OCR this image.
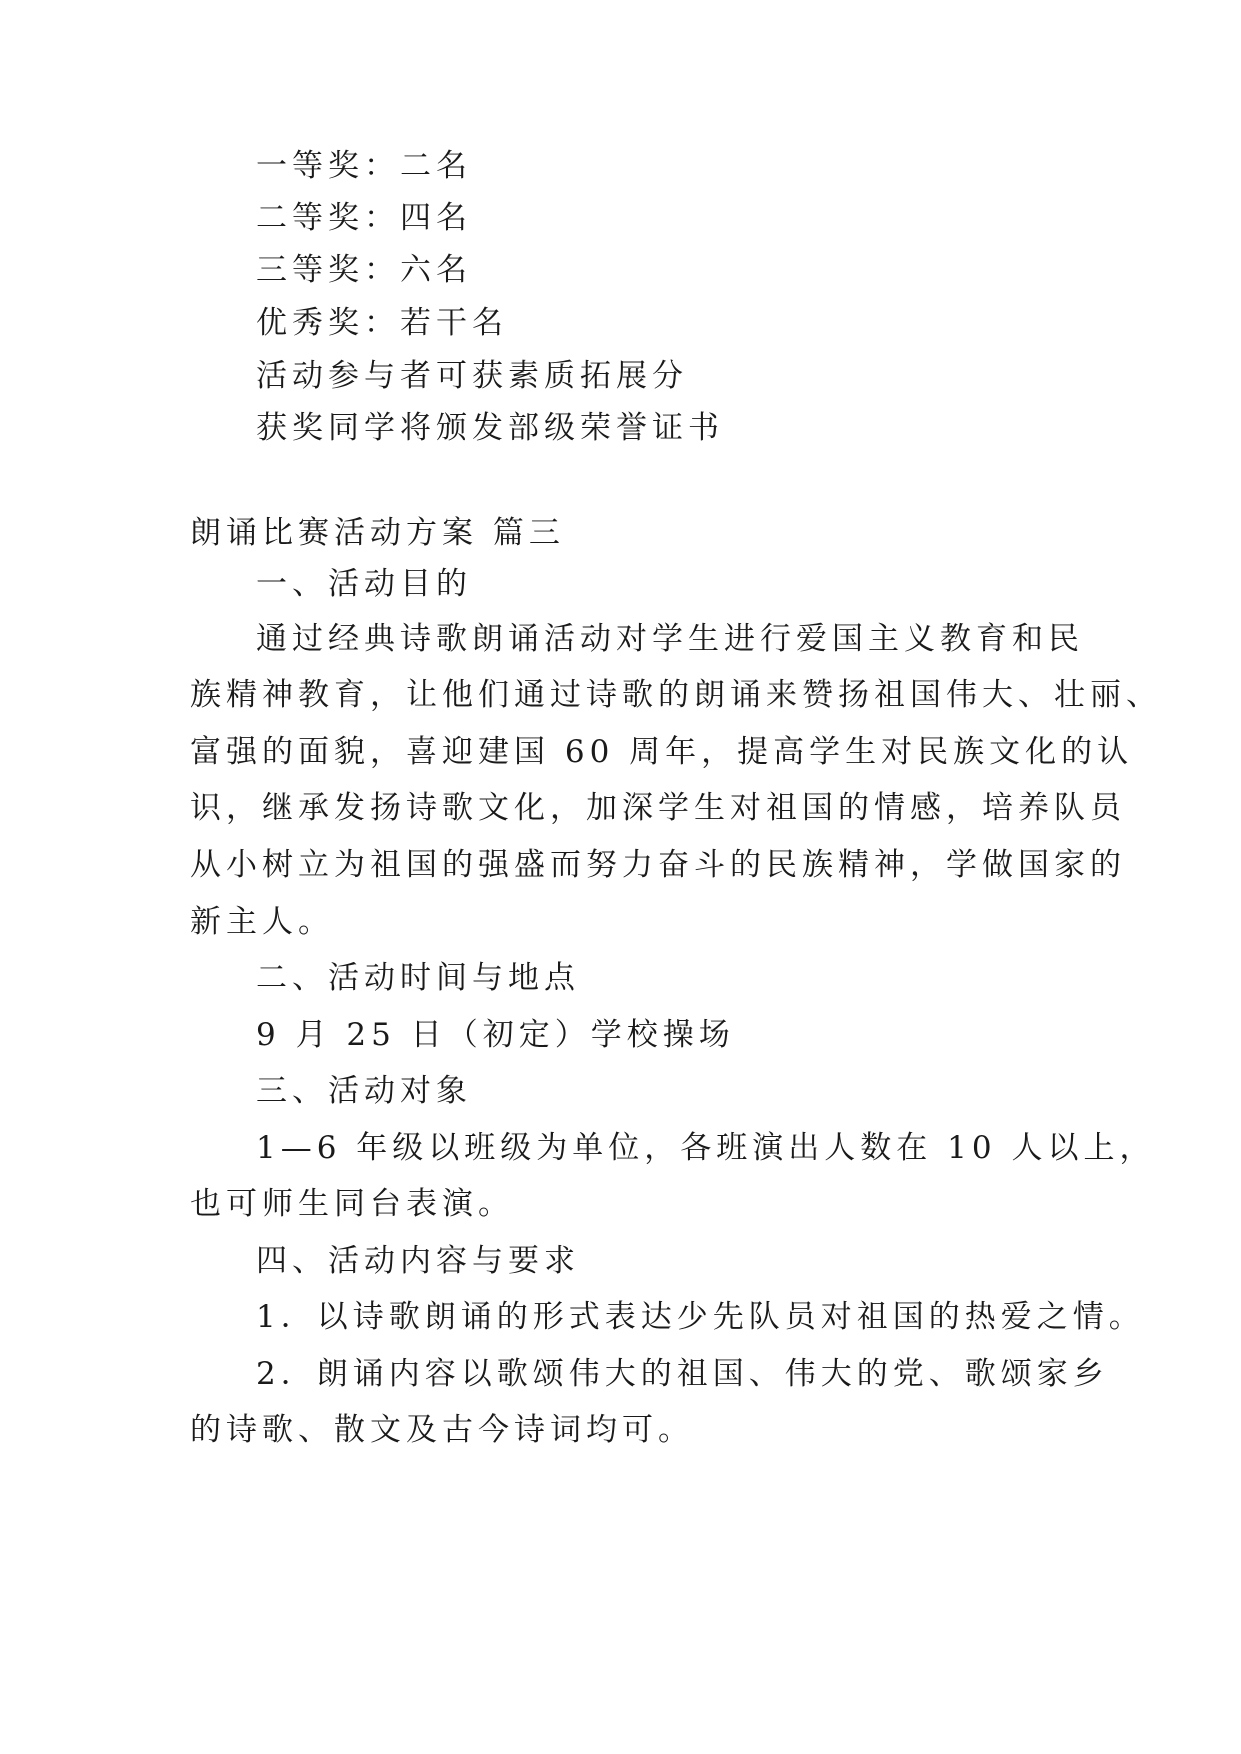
一等奖：二名
二等奖：四名
三等奖：六名
优秀奖：若干名
活动参与者可获素质拓展分
获奖同学将颁发部级荣誉证书
朗诵比赛活动方案 篇三
一、活动目的
通过经典诗歌朗诵活动对学生进行爱国主义教育和民
族精神教育，让他们通过诗歌的朗诵来赞扬祖国伟大、壮丽、
富强的面貌，喜迎建国 60 周年，提高学生对民族文化的认
识，继承发扬诗歌文化，加深学生对祖国的情感，培养队员
从小树立为祖国的强盛而努力奋斗的民族精神，学做国家的
新主人。
二、活动时间与地点
9 月 25 日（初定）学校操场
三、活动对象
1—6 年级以班级为单位，各班演出人数在 10 人以上，
也可师生同台表演。
四、活动内容与要求
1．以诗歌朗诵的形式表达少先队员对祖国的热爱之情。
2．朗诵内容以歌颂伟大的祖国、伟大的党、歌颂家乡
的诗歌、散文及古今诗词均可。
